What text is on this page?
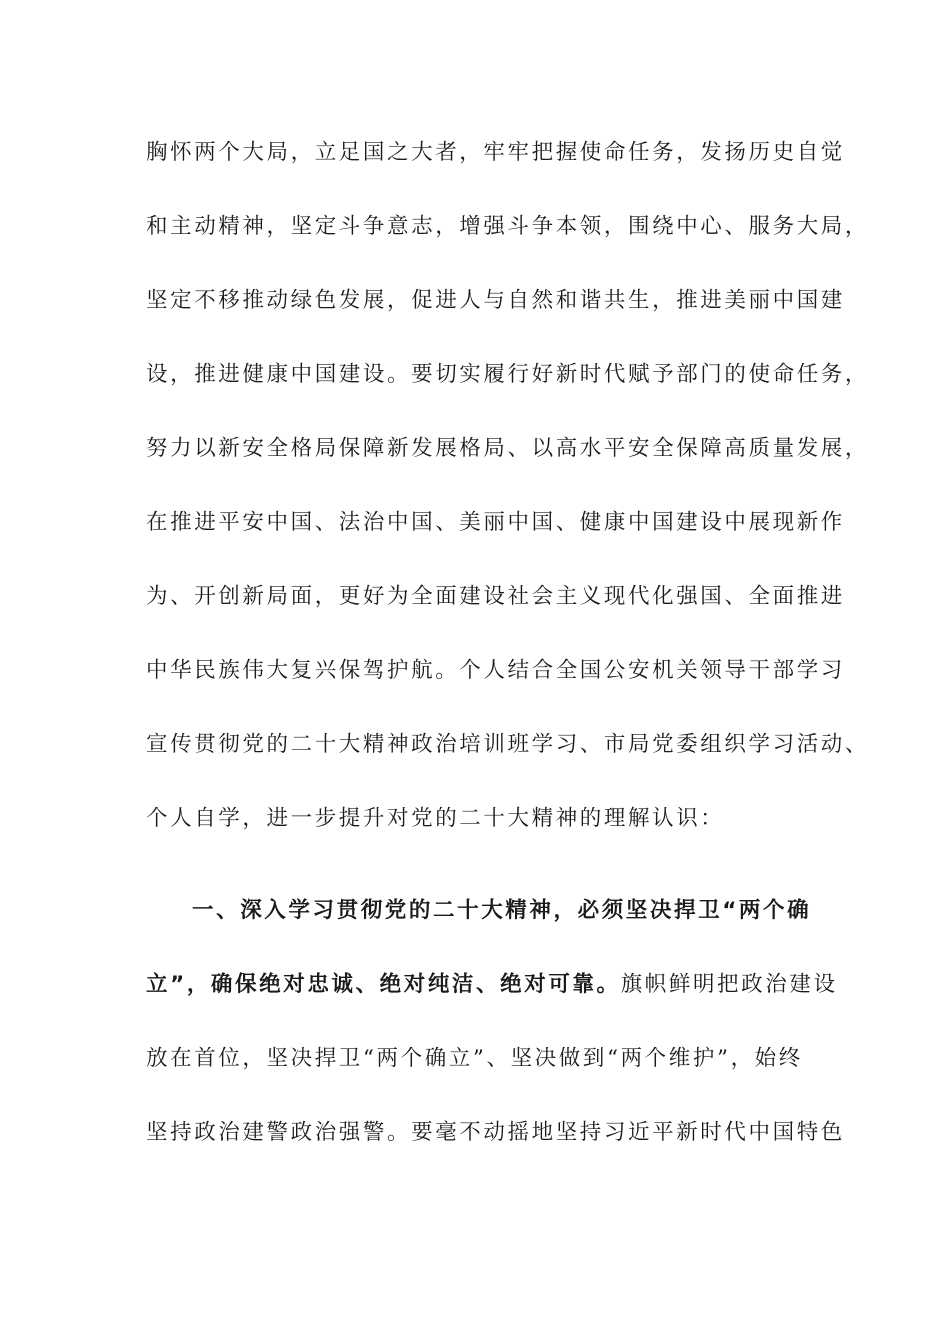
胸怀两个大局，立足国之大者，牢牢把握使命任务，发扬历史自觉
和主动精神，坚定斗争意志，增强斗争本领，围绕中心、服务大局，
坚定不移推动绿色发展，促进人与自然和谐共生，推进美丽中国建
设，推进健康中国建设。要切实履行好新时代赋予部门的使命任务，
努力以新安全格局保障新发展格局、以高水平安全保障高质量发展，
在推进平安中国、法治中国、美丽中国、健康中国建设中展现新作
为、开创新局面，更好为全面建设社会主义现代化强国、全面推进
中华民族伟大复兴保驾护航。个人结合全国公安机关领导干部学习
宣传贯彻党的二十大精神政治培训班学习、市局党委组织学习活动、
个人自学，进一步提升对党的二十大精神的理解认识：
一、深入学习贯彻党的二十大精神，必须坚决捍卫“两个确
立”，确保绝对忠诚、绝对纯洁、绝对可靠。旗帜鲜明把政治建设
放在首位，坚决捍卫“两个确立”、坚决做到“两个维护”，始终
坚持政治建警政治强警。要毫不动摇地坚持习近平新时代中国特色
